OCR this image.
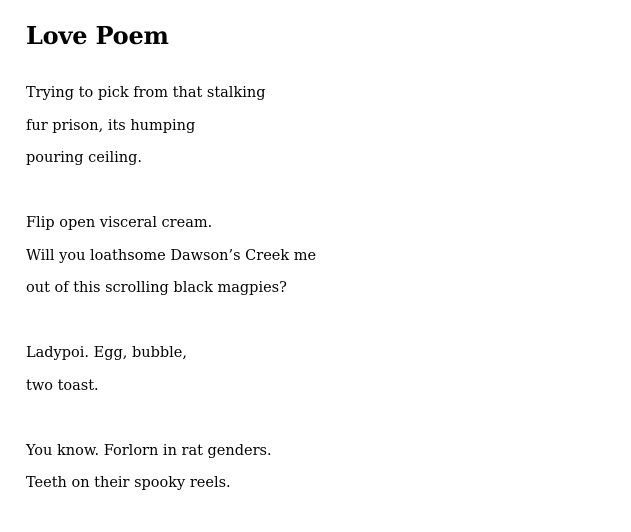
Love Poem
Trying to pick from that stalking
fur prison, its humping
pouring ceiling.
Flip open visceral cream.
Will you loathsome Dawson’s Creek me
out of this scrolling black magpies?
Ladypoi. Egg, bubble,
two toast.
You know. Forlorn in rat genders.
Teeth on their spooky reels.
